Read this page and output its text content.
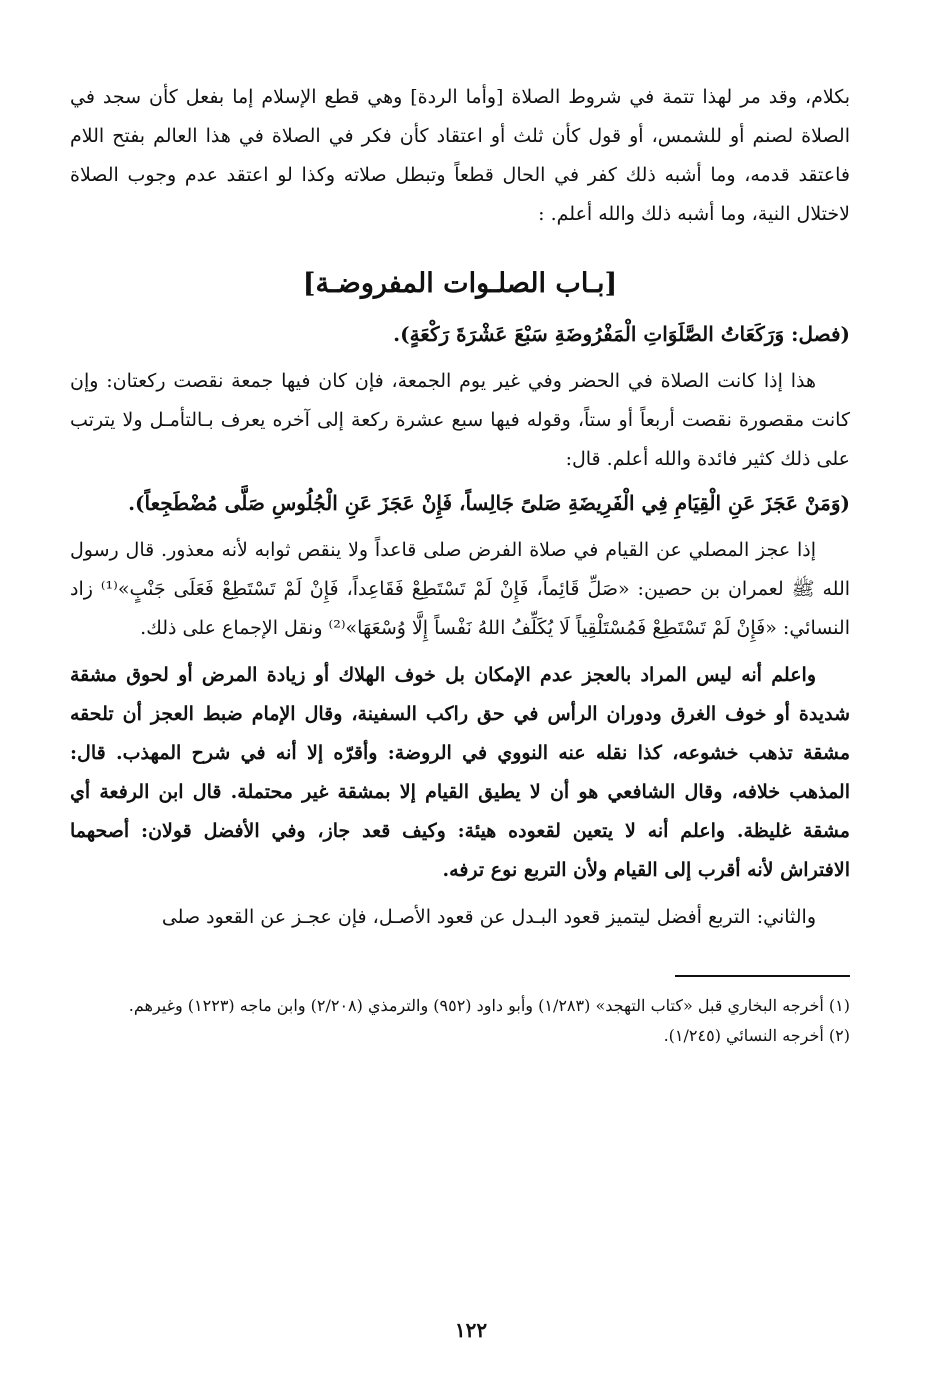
بكلام، وقد مر لهذا تتمة في شروط الصلاة [وأما الردة] وهي قطع الإسلام إما بفعل كأن سجد في الصلاة لصنم أو للشمس، أو قول كأن ثلث أو اعتقاد كأن فكر في الصلاة في هذا العالم بفتح اللام فاعتقد قدمه، وما أشبه ذلك كفر في الحال قطعاً وتبطل صلاته وكذا لو اعتقد عدم وجوب الصلاة لاختلال النية، وما أشبه ذلك والله أعلم. :

[بـاب الصلـوات المفروضـة]

(فصل: وَرَكَعَاتُ الصَّلَوَاتِ الْمَفْرُوضَةِ سَبْعَ عَشْرَةَ رَكْعَةٍ).

هذا إذا كانت الصلاة في الحضر وفي غير يوم الجمعة، فإن كان فيها جمعة نقصت ركعتان: وإن كانت مقصورة نقصت أربعاً أو ستاً، وقوله فيها سبع عشرة ركعة إلى آخره يعرف بـالتأمـل ولا يترتب على ذلك كثير فائدة والله أعلم. قال:

(وَمَنْ عَجَزَ عَنِ الْقِيَامِ فِي الْفَرِيضَةِ صَلىً جَالِساً، فَإِنْ عَجَزَ عَنِ الْجُلُوسِ صَلَّى مُضْطَجِعاً).

إذا عجز المصلي عن القيام في صلاة الفرض صلى قاعداً ولا ينقص ثوابه لأنه معذور. قال رسول الله ﷺ لعمران بن حصين: «صَلِّ قَائِماً، فَإِنْ لَمْ تَسْتَطِعْ فَقَاعِداً، فَإِنْ لَمْ تَسْتَطِعْ فَعَلَى جَنْبٍ»⁽¹⁾ زاد النسائي: «فَإِنْ لَمْ تَسْتَطِعْ فَمُسْتَلْقِياً لَا يُكَلِّفُ اللهُ نَفْساً إِلَّا وُسْعَهَا»⁽²⁾ ونقل الإجماع على ذلك.

واعلم أنه ليس المراد بالعجز عدم الإمكان بل خوف الهلاك أو زيادة المرض أو لحوق مشقة شديدة أو خوف الغرق ودوران الرأس في حق راكب السفينة، وقال الإمام ضبط العجز أن تلحقه مشقة تذهب خشوعه، كذا نقله عنه النووي في الروضة: وأقرّه إلا أنه في شرح المهذب. قال: المذهب خلافه، وقال الشافعي هو أن لا يطيق القيام إلا بمشقة غير محتملة. قال ابن الرفعة أي مشقة غليظة. واعلم أنه لا يتعين لقعوده هيئة: وكيف قعد جاز، وفي الأفضل قولان: أصحهما الافتراش لأنه أقرب إلى القيام ولأن التربع نوع ترفه.

والثاني: التربع أفضل ليتميز قعود البـدل عن قعود الأصـل، فإن عجـز عن القعود صلى

(١) أخرجه البخاري قبل «كتاب التهجد» (١/٢٨٣) وأبو داود (٩٥٢) والترمذي (٢/٢٠٨) وابن ماجه (١٢٢٣) وغيرهم.

(٢) أخرجه النسائي (١/٢٤٥).

١٢٢
